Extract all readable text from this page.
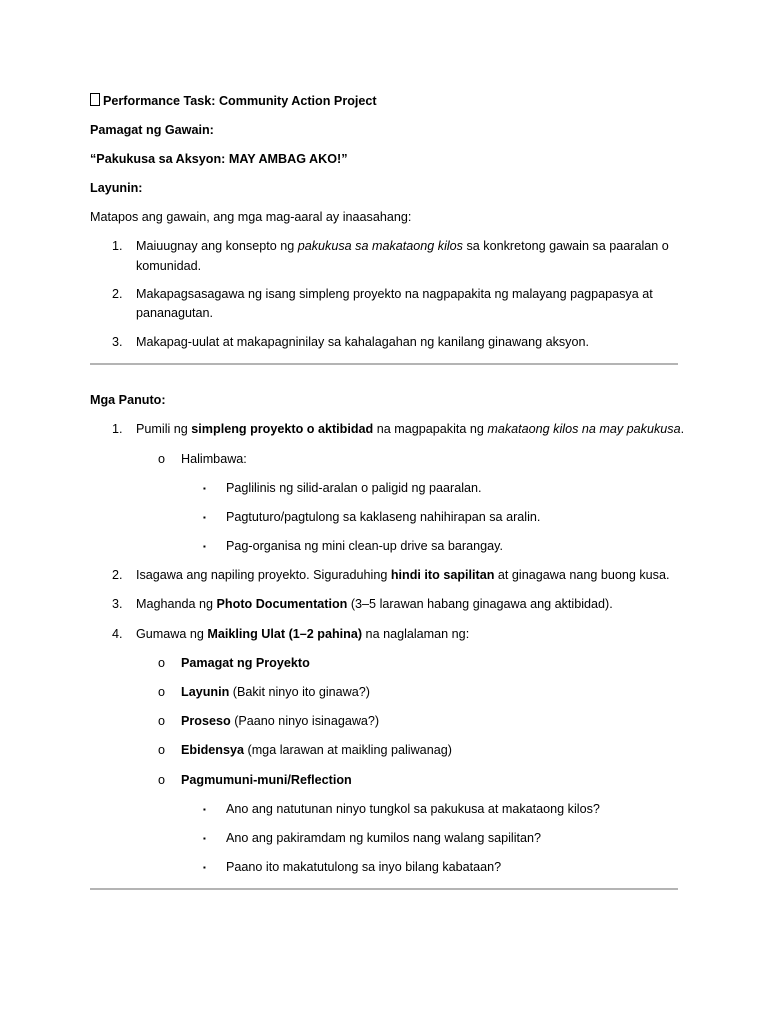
Performance Task: Community Action Project
Pamagat ng Gawain:
“Pakukusa sa Aksyon: MAY AMBAG AKO!”
Layunin:
Matapos ang gawain, ang mga mag-aaral ay inaasahang:
1. Maiuugnay ang konsepto ng pakukusa sa makataong kilos sa konkretong gawain sa paaralan o
komunidad.
2. Makapagsasagawa ng isang simpleng proyekto na nagpapakita ng malayang pagpapasya at
pananagutan.
3. Makapag-uulat at makapagninilay sa kahalagahan ng kanilang ginawang aksyon.
Mga Panuto:
1. Pumili ng simpleng proyekto o aktibidad na magpapakita ng makataong kilos na may pakukusa.
o Halimbawa:
▪ Paglilinis ng silid-aralan o paligid ng paaralan.
▪ Pagtuturo/pagtulong sa kaklaseng nahihirapan sa aralin.
▪ Pag-organisa ng mini clean-up drive sa barangay.
2. Isagawa ang napiling proyekto. Siguraduhing hindi ito sapilitan at ginagawa nang buong kusa.
3. Maghanda ng Photo Documentation (3–5 larawan habang ginagawa ang aktibidad).
4. Gumawa ng Maikling Ulat (1–2 pahina) na naglalaman ng:
o Pamagat ng Proyekto
o Layunin (Bakit ninyo ito ginawa?)
o Proseso (Paano ninyo isinagawa?)
o Ebidensya (mga larawan at maikling paliwanag)
o Pagmumuni-muni/Reflection
▪ Ano ang natutunan ninyo tungkol sa pakukusa at makataong kilos?
▪ Ano ang pakiramdam ng kumilos nang walang sapilitan?
▪ Paano ito makatutulong sa inyo bilang kabataan?
